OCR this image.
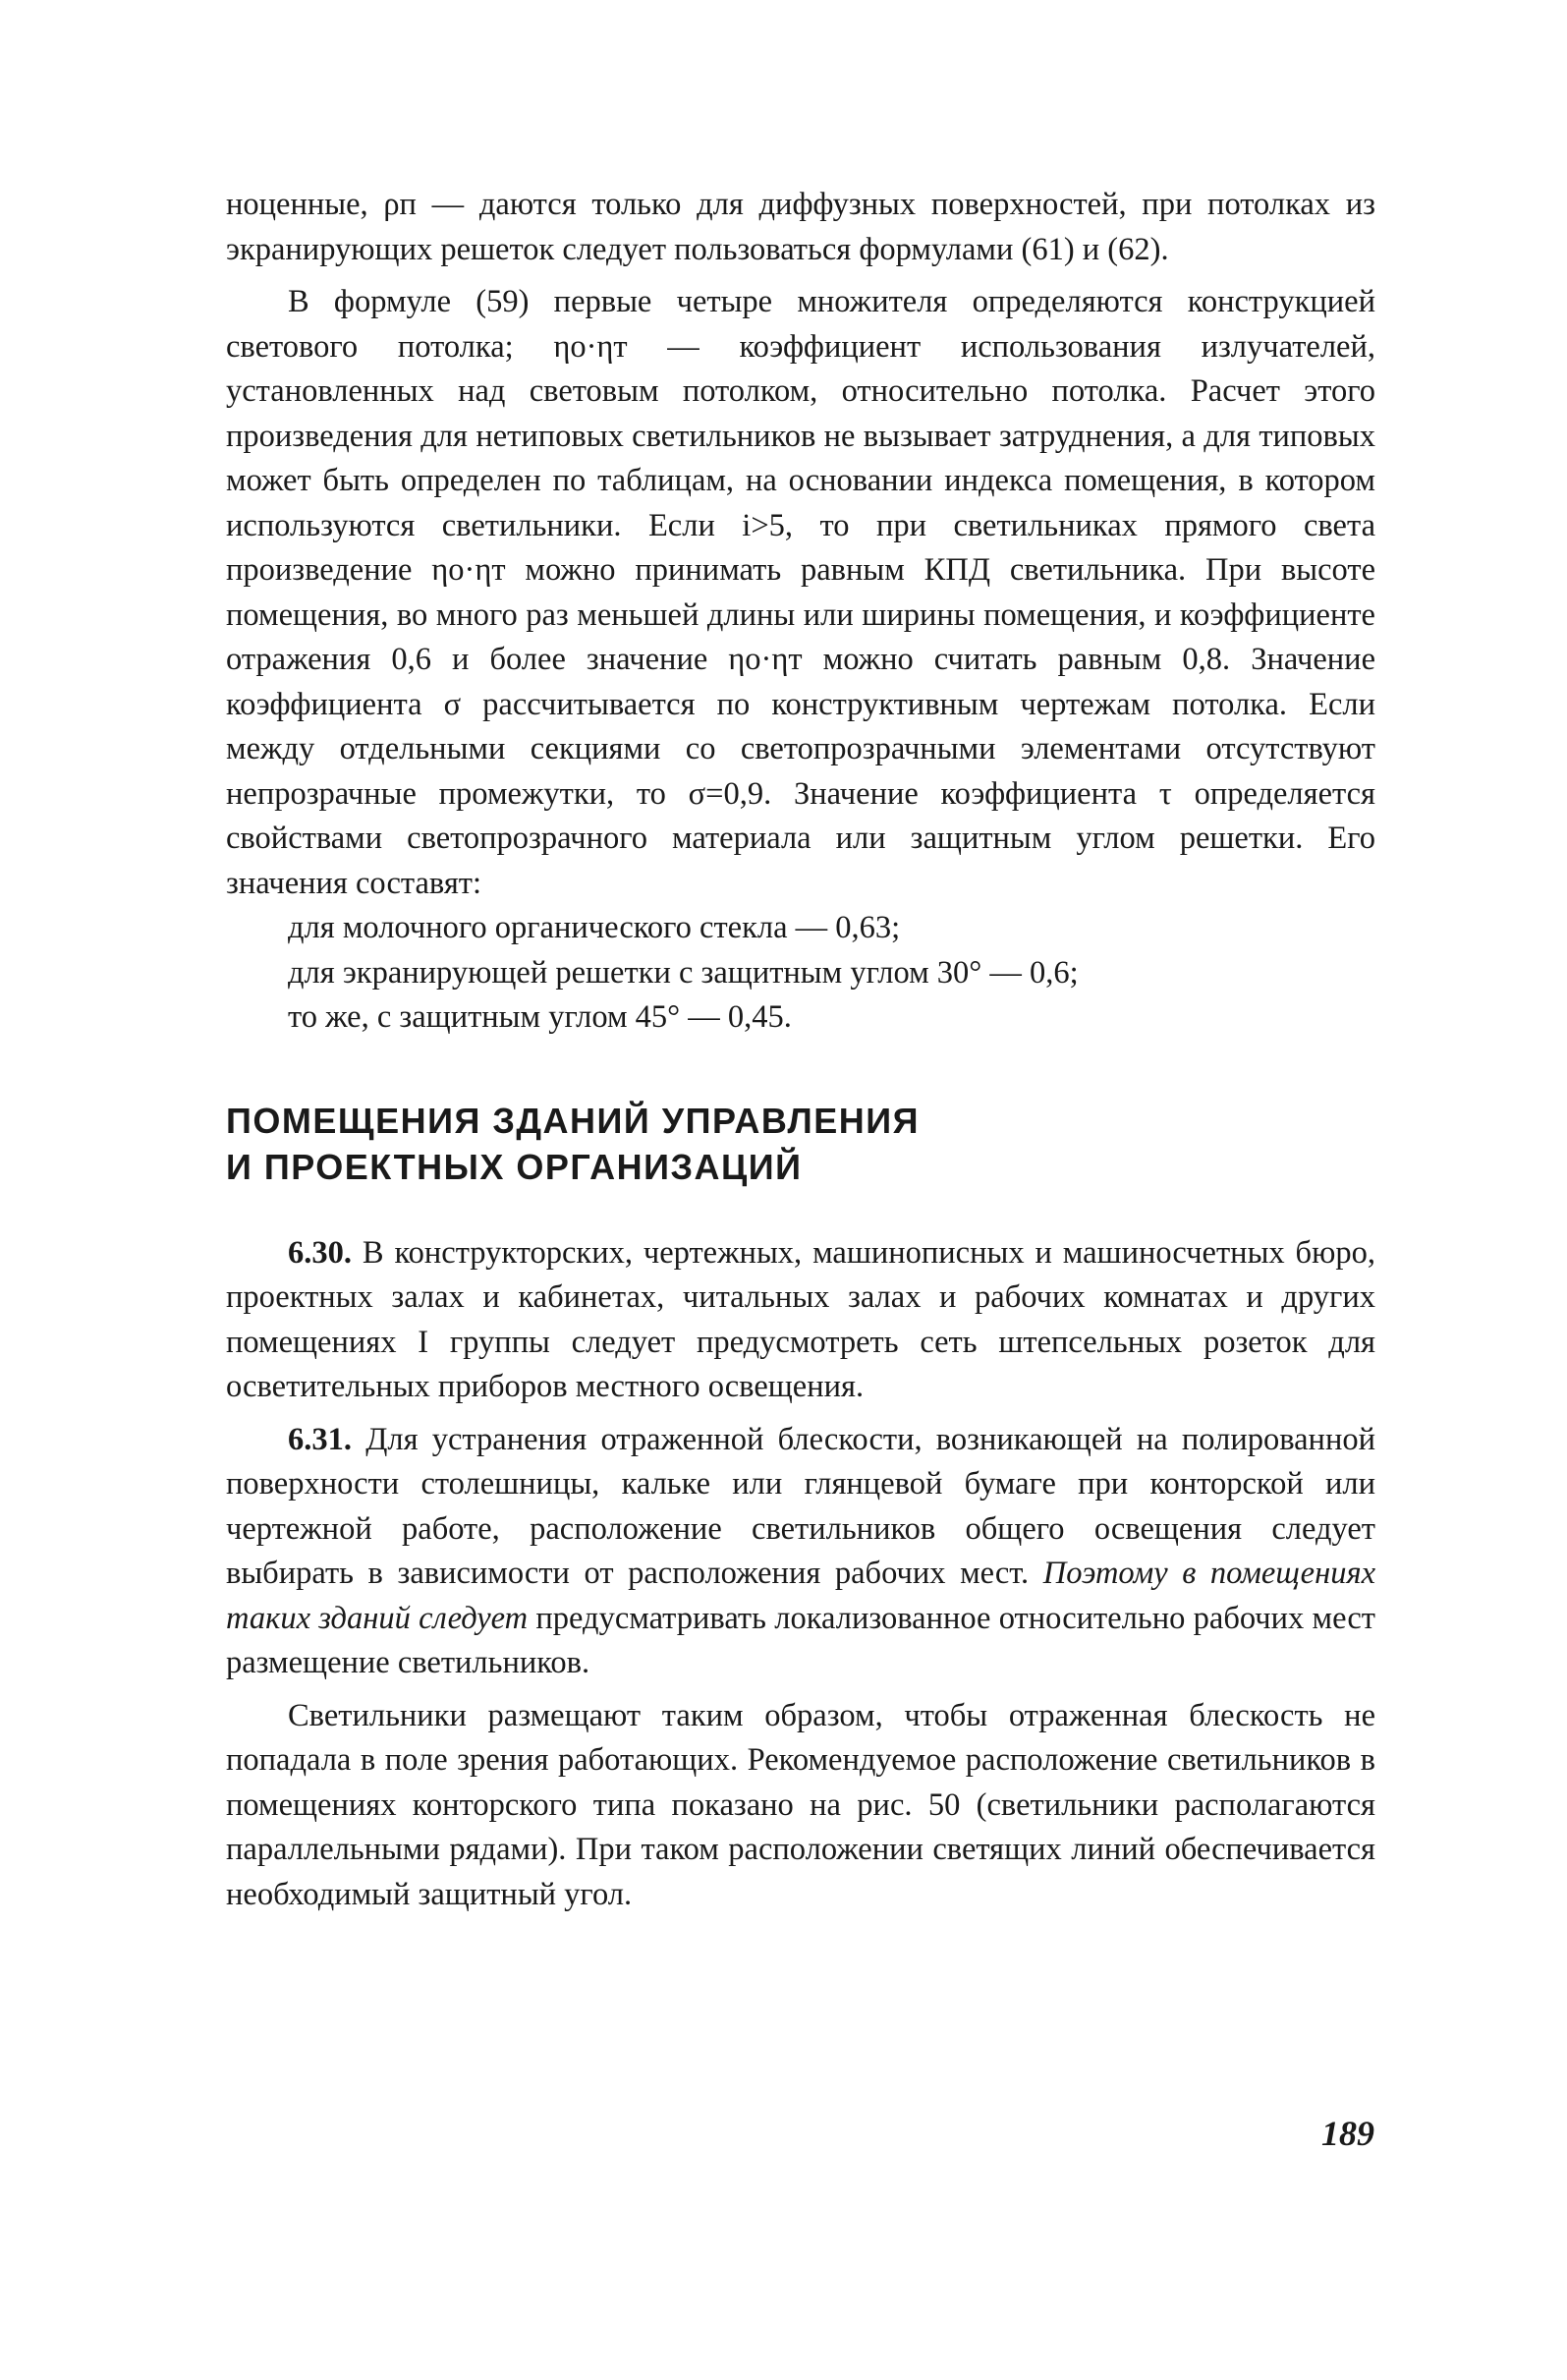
ноценные, ρп — даются только для диффузных поверхностей, при потолках из экранирующих решеток следует пользоваться формулами (61) и (62).

В формуле (59) первые четыре множителя определяются конструкцией светового потолка; ηо·ηт — коэффициент использования излучателей, установленных над световым потолком, относительно потолка. Расчет этого произведения для нетиповых светильников не вызывает затруднения, а для типовых может быть определен по таблицам, на основании индекса помещения, в котором используются светильники. Если i>5, то при светильниках прямого света произведение ηо·ηт можно принимать равным КПД светильника. При высоте помещения, во много раз меньшей длины или ширины помещения, и коэффициенте отражения 0,6 и более значение ηо·ηт можно считать равным 0,8. Значение коэффициента σ рассчитывается по конструктивным чертежам потолка. Если между отдельными секциями со светопрозрачными элементами отсутствуют непрозрачные промежутки, то σ=0,9. Значение коэффициента τ определяется свойствами светопрозрачного материала или защитным углом решетки. Его значения составят:

для молочного органического стекла — 0,63;
для экранирующей решетки с защитным углом 30° — 0,6;
то же, с защитным углом 45° — 0,45.
ПОМЕЩЕНИЯ ЗДАНИЙ УПРАВЛЕНИЯ
И ПРОЕКТНЫХ ОРГАНИЗАЦИЙ

6.30. В конструкторских, чертежных, машинописных и машиносчетных бюро, проектных залах и кабинетах, читальных залах и рабочих комнатах и других помещениях I группы следует предусмотреть сеть штепсельных розеток для осветительных приборов местного освещения.

6.31. Для устранения отраженной блескости, возникающей на полированной поверхности столешницы, кальке или глянцевой бумаге при конторской или чертежной работе, расположение светильников общего освещения следует выбирать в зависимости от расположения рабочих мест. Поэтому в помещениях таких зданий следует предусматривать локализованное относительно рабочих мест размещение светильников.

Светильники размещают таким образом, чтобы отраженная блескость не попадала в поле зрения работающих. Рекомендуемое расположение светильников в помещениях конторского типа показано на рис. 50 (светильники располагаются параллельными рядами). При таком расположении светящих линий обеспечивается необходимый защитный угол.

189
